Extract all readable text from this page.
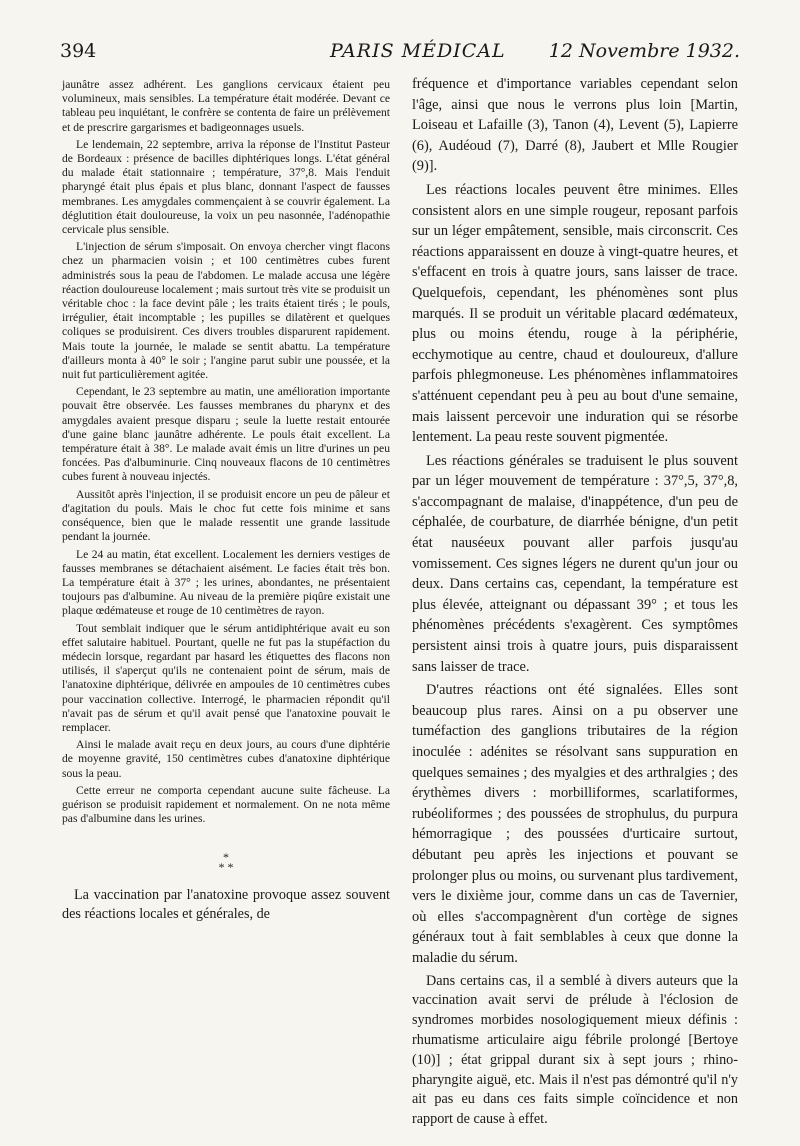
394	PARIS MÉDICAL 12 Novembre 1932.

jaunâtre assez adhérent. Les ganglions cervicaux étaient peu volumineux, mais sensibles. La température était modérée. Devant ce tableau peu inquiétant, le confrère se contenta de faire un prélèvement et de prescrire gargarismes et badigeonnages usuels.

Le lendemain, 22 septembre, arriva la réponse de l'Institut Pasteur de Bordeaux : présence de bacilles diphtériques longs. L'état général du malade était stationnaire ; température, 37°,8. Mais l'enduit pharyngé était plus épais et plus blanc, donnant l'aspect de fausses membranes. Les amygdales commençaient à se couvrir également. La déglutition était douloureuse, la voix un peu nasonnée, l'adénopathie cervicale plus sensible.

L'injection de sérum s'imposait. On envoya chercher vingt flacons chez un pharmacien voisin ; et 100 centimètres cubes furent administrés sous la peau de l'abdomen. Le malade accusa une légère réaction douloureuse localement ; mais surtout très vite se produisit un véritable choc : la face devint pâle ; les traits étaient tirés ; le pouls, irrégulier, était incomptable ; les pupilles se dilatèrent et quelques coliques se produisirent. Ces divers troubles disparurent rapidement. Mais toute la journée, le malade se sentit abattu. La température d'ailleurs monta à 40° le soir ; l'angine parut subir une poussée, et la nuit fut particulièrement agitée.

Cependant, le 23 septembre au matin, une amélioration importante pouvait être observée. Les fausses membranes du pharynx et des amygdales avaient presque disparu ; seule la luette restait entourée d'une gaine blanc jaunâtre adhérente. Le pouls était excellent. La température était à 38°. Le malade avait émis un litre d'urines un peu foncées. Pas d'albuminurie. Cinq nouveaux flacons de 10 centimètres cubes furent à nouveau injectés.

Aussitôt après l'injection, il se produisit encore un peu de pâleur et d'agitation du pouls. Mais le choc fut cette fois minime et sans conséquence, bien que le malade ressentit une grande lassitude pendant la journée.

Le 24 au matin, état excellent. Localement les derniers vestiges de fausses membranes se détachaient aisément. Le facies était très bon. La température était à 37° ; les urines, abondantes, ne présentaient toujours pas d'albumine. Au niveau de la première piqûre existait une plaque œdémateuse et rouge de 10 centimètres de rayon.

Tout semblait indiquer que le sérum antidiphtérique avait eu son effet salutaire habituel. Pourtant, quelle ne fut pas la stupéfaction du médecin lorsque, regardant par hasard les étiquettes des flacons non utilisés, il s'aperçut qu'ils ne contenaient point de sérum, mais de l'anatoxine diphtérique, délivrée en ampoules de 10 centimètres cubes pour vaccination collective. Interrogé, le pharmacien répondit qu'il n'avait pas de sérum et qu'il avait pensé que l'anatoxine pouvait le remplacer.

Ainsi le malade avait reçu en deux jours, au cours d'une diphtérie de moyenne gravité, 150 centimètres cubes d'anatoxine diphtérique sous la peau.

Cette erreur ne comporta cependant aucune suite fâcheuse. La guérison se produisit rapidement et normalement. On ne nota même pas d'albumine dans les urines.

*
* *

La vaccination par l'anatoxine provoque assez souvent des réactions locales et générales, de

fréquence et d'importance variables cependant selon l'âge, ainsi que nous le verrons plus loin [Martin, Loiseau et Lafaille (3), Tanon (4), Levent (5), Lapierre (6), Audéoud (7), Darré (8), Jaubert et Mlle Rougier (9)].

Les réactions locales peuvent être minimes. Elles consistent alors en une simple rougeur, reposant parfois sur un léger empâtement, sensible, mais circonscrit. Ces réactions apparaissent en douze à vingt-quatre heures, et s'effacent en trois à quatre jours, sans laisser de trace. Quelquefois, cependant, les phénomènes sont plus marqués. Il se produit un véritable placard œdémateux, plus ou moins étendu, rouge à la périphérie, ecchymotique au centre, chaud et douloureux, d'allure parfois phlegmoneuse. Les phénomènes inflammatoires s'atténuent cependant peu à peu au bout d'une semaine, mais laissent percevoir une induration qui se résorbe lentement. La peau reste souvent pigmentée.

Les réactions générales se traduisent le plus souvent par un léger mouvement de température : 37°,5, 37°,8, s'accompagnant de malaise, d'inappétence, d'un peu de céphalée, de courbature, de diarrhée bénigne, d'un petit état nauséeux pouvant aller parfois jusqu'au vomissement. Ces signes légers ne durent qu'un jour ou deux. Dans certains cas, cependant, la température est plus élevée, atteignant ou dépassant 39° ; et tous les phénomènes précédents s'exagèrent. Ces symptômes persistent ainsi trois à quatre jours, puis disparaissent sans laisser de trace.

D'autres réactions ont été signalées. Elles sont beaucoup plus rares. Ainsi on a pu observer une tuméfaction des ganglions tributaires de la région inoculée : adénites se résolvant sans suppuration en quelques semaines ; des myalgies et des arthralgies ; des érythèmes divers : morbilliformes, scarlatiformes, rubéoliformes ; des poussées de strophulus, du purpura hémorragique ; des poussées d'urticaire surtout, débutant peu après les injections et pouvant se prolonger plus ou moins, ou survenant plus tardivement, vers le dixième jour, comme dans un cas de Tavernier, où elles s'accompagnèrent d'un cortège de signes généraux tout à fait semblables à ceux que donne la maladie du sérum.

Dans certains cas, il a semblé à divers auteurs que la vaccination avait servi de prélude à l'éclosion de syndromes morbides nosologiquement mieux définis : rhumatisme articulaire aigu fébrile prolongé [Bertoye (10)] ; état grippal durant six à sept jours ; rhino-pharyngite aiguë, etc. Mais il n'est pas démontré qu'il n'y ait pas eu dans ces faits simple coïncidence et non rapport de cause à effet.
